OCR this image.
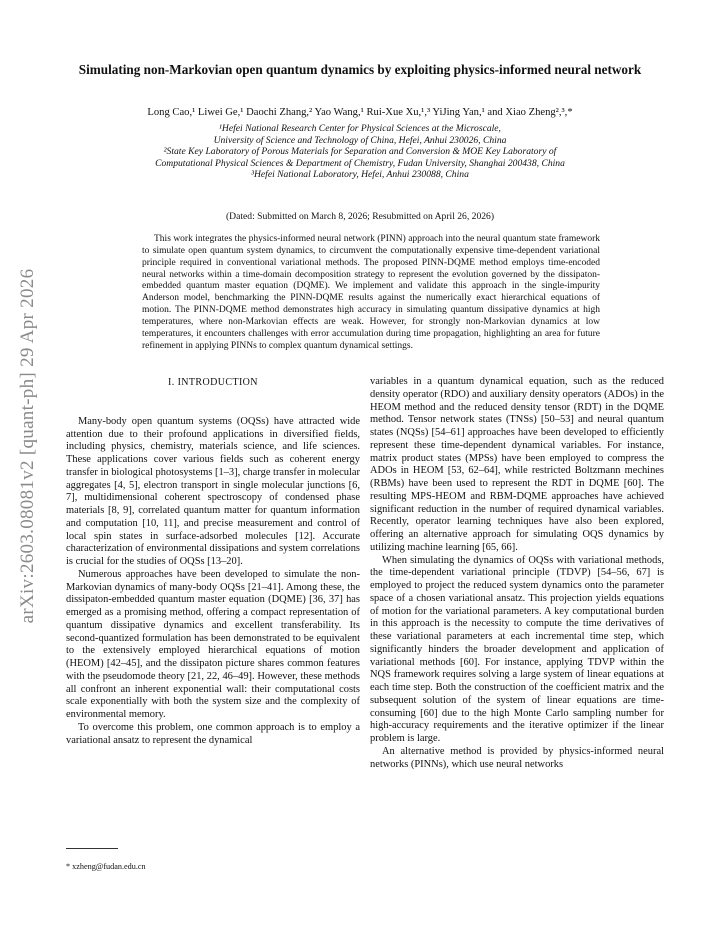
arXiv:2603.08081v2 [quant-ph] 29 Apr 2026
Simulating non-Markovian open quantum dynamics by exploiting physics-informed neural network
Long Cao,¹ Liwei Ge,¹ Daochi Zhang,² Yao Wang,¹ Rui-Xue Xu,¹,³ YiJing Yan,¹ and Xiao Zheng²,³,*
¹Hefei National Research Center for Physical Sciences at the Microscale,
University of Science and Technology of China, Hefei, Anhui 230026, China
²State Key Laboratory of Porous Materials for Separation and Conversion & MOE Key Laboratory of
Computational Physical Sciences & Department of Chemistry, Fudan University, Shanghai 200438, China
³Hefei National Laboratory, Hefei, Anhui 230088, China
(Dated: Submitted on March 8, 2026; Resubmitted on April 26, 2026)

This work integrates the physics-informed neural network (PINN) approach into the neural quantum state framework to simulate open quantum system dynamics, to circumvent the computationally expensive time-dependent variational principle required in conventional variational methods. The proposed PINN-DQME method employs time-encoded neural networks within a time-domain decomposition strategy to represent the evolution governed by the dissipaton-embedded quantum master equation (DQME). We implement and validate this approach in the single-impurity Anderson model, benchmarking the PINN-DQME results against the numerically exact hierarchical equations of motion. The PINN-DQME method demonstrates high accuracy in simulating quantum dissipative dynamics at high temperatures, where non-Markovian effects are weak. However, for strongly non-Markovian dynamics at low temperatures, it encounters challenges with error accumulation during time propagation, highlighting an area for future refinement in applying PINNs to complex quantum dynamical settings.

I. INTRODUCTION

Many-body open quantum systems (OQSs) have attracted wide attention due to their profound applications in diversified fields, including physics, chemistry, materials science, and life sciences. These applications cover various fields such as coherent energy transfer in biological photosystems [1–3], charge transfer in molecular aggregates [4, 5], electron transport in single molecular junctions [6, 7], multidimensional coherent spectroscopy of condensed phase materials [8, 9], correlated quantum matter for quantum information and computation [10, 11], and precise measurement and control of local spin states in surface-adsorbed molecules [12]. Accurate characterization of environmental dissipations and system correlations is crucial for the studies of OQSs [13–20].

Numerous approaches have been developed to simulate the non-Markovian dynamics of many-body OQSs [21–41]. Among these, the dissipaton-embedded quantum master equation (DQME) [36, 37] has emerged as a promising method, offering a compact representation of quantum dissipative dynamics and excellent transferability. Its second-quantized formulation has been demonstrated to be equivalent to the extensively employed hierarchical equations of motion (HEOM) [42–45], and the dissipaton picture shares common features with the pseudomode theory [21, 22, 46–49]. However, these methods all confront an inherent exponential wall: their computational costs scale exponentially with both the system size and the complexity of environmental memory.

To overcome this problem, one common approach is to employ a variational ansatz to represent the dynamical

variables in a quantum dynamical equation, such as the reduced density operator (RDO) and auxiliary density operators (ADOs) in the HEOM method and the reduced density tensor (RDT) in the DQME method. Tensor network states (TNSs) [50–53] and neural quantum states (NQSs) [54–61] approaches have been developed to efficiently represent these time-dependent dynamical variables. For instance, matrix product states (MPSs) have been employed to compress the ADOs in HEOM [53, 62–64], while restricted Boltzmann mechines (RBMs) have been used to represent the RDT in DQME [60]. The resulting MPS-HEOM and RBM-DQME approaches have achieved significant reduction in the number of required dynamical variables. Recently, operator learning techniques have also been explored, offering an alternative approach for simulating OQS dynamics by utilizing machine learning [65, 66].

When simulating the dynamics of OQSs with variational methods, the time-dependent variational principle (TDVP) [54–56, 67] is employed to project the reduced system dynamics onto the parameter space of a chosen variational ansatz. This projection yields equations of motion for the variational parameters. A key computational burden in this approach is the necessity to compute the time derivatives of these variational parameters at each incremental time step, which significantly hinders the broader development and application of variational methods [60]. For instance, applying TDVP within the NQS framework requires solving a large system of linear equations at each time step. Both the construction of the coefficient matrix and the subsequent solution of the system of linear equations are time-consuming [60] due to the high Monte Carlo sampling number for high-accuracy requirements and the iterative optimizer if the linear problem is large.

An alternative method is provided by physics-informed neural networks (PINNs), which use neural networks

* xzheng@fudan.edu.cn
